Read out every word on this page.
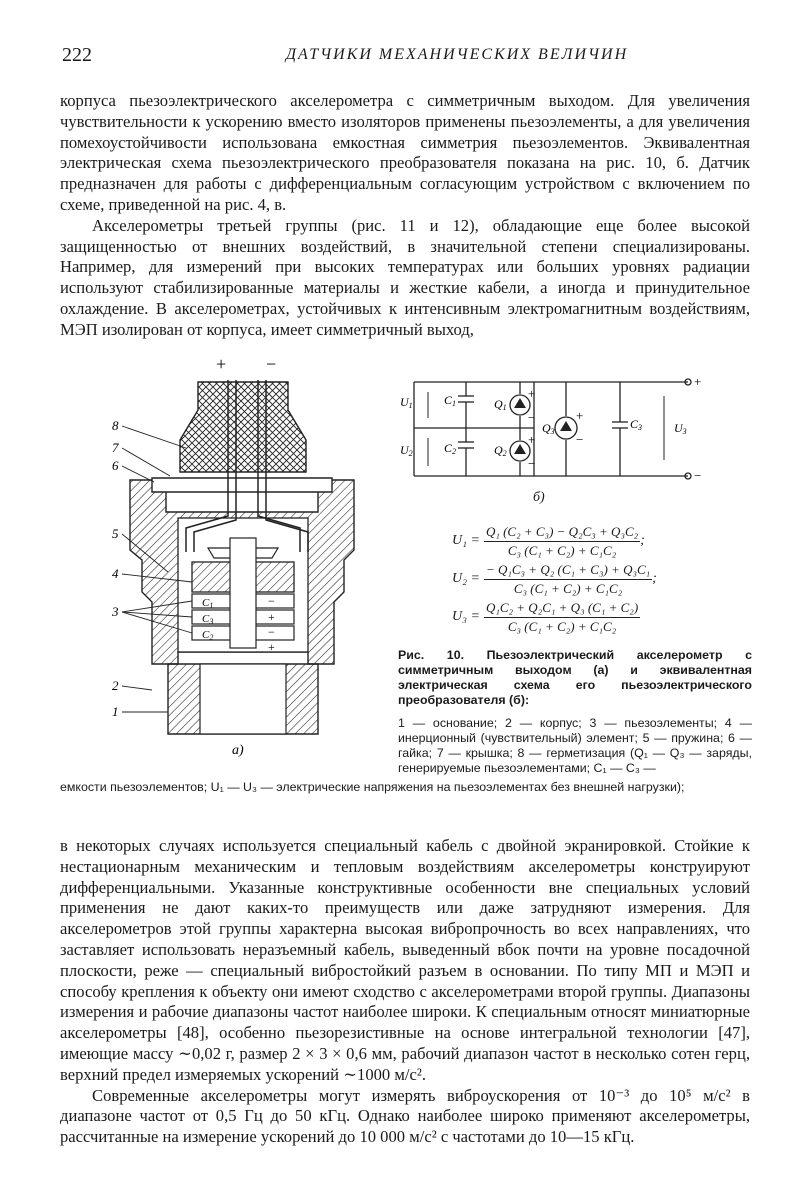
222	ДАТЧИКИ МЕХАНИЧЕСКИХ ВЕЛИЧИН

корпуса пьезоэлектрического акселерометра с симметричным выходом. Для увеличения чувствительности к ускорению вместо изоляторов применены пьезоэлементы, а для увеличения помехоустойчивости использована емкостная симметрия пьезоэлементов. Эквивалентная электрическая схема пьезоэлектрического преобразователя показана на рис. 10, б. Датчик предназначен для работы с дифференциальным согласующим устройством с включением по схеме, приведенной на рис. 4, в.

Акселерометры третьей группы (рис. 11 и 12), обладающие еще более высокой защищенностью от внешних воздействий, в значительной степени специализированы. Например, для измерений при высоких температурах или больших уровнях радиации используют стабилизированные материалы и жесткие кабели, а иногда и принудительное охлаждение. В акселерометрах, устойчивых к интенсивным электромагнитным воздействиям, МЭП изолирован от корпуса, имеет симметричный выход,

+ −
C1
C3
C2
−
+
−
+
8
7
6
5
4
3
2
1
а)
U1
U2
C1
C2
Q1
Q2
Q3
C3	U3
+
−
+
−
+
−
+
−
б)
$U_1 = \frac{\text{Q₁ (C₂ + C₃) − Q₂C₃ + Q₃C₂}}{\text{C₃ (C₁ + C₂) + C₁C₂}}$ ;
$U_2 = \frac{\text{− Q₁C₃ + Q₂ (C₁ + C₃) + Q₃C₁}}{\text{C₃ (C₁ + C₂) + C₁C₂}}$ ;
$U_3 = \frac{\text{Q₁C₂ + Q₂C₁ + Q₃ (C₁ + C₂)}}{\text{C₃ (C₁ + C₂) + C₁C₂}}$
Рис. 10. Пьезоэлектрический акселерометр с симметричным выходом (а) и эквивалентная электрическая схема его пьезоэлектрического преобразователя (б):
1 — основание; 2 — корпус; 3 — пьезоэлементы; 4 — инерционный (чувствительный) элемент; 5 — пружина; 6 — гайка; 7 — крышка; 8 — герметизация (Q₁ — Q₃ — заряды, генерируемые пьезоэлементами; C₁ — C₃ —
емкости пьезоэлементов; U₁ — U₃ — электрические напряжения на пьезоэлементах без внешней нагрузки);

в некоторых случаях используется специальный кабель с двойной экранировкой. Стойкие к нестационарным механическим и тепловым воздействиям акселерометры конструируют дифференциальными. Указанные конструктивные особенности вне специальных условий применения не дают каких-то преимуществ или даже затрудняют измерения. Для акселерометров этой группы характерна высокая вибропрочность во всех направлениях, что заставляет использовать неразъемный кабель, выведенный вбок почти на уровне посадочной плоскости, реже — специальный вибростойкий разъем в основании. По типу МП и МЭП и способу крепления к объекту они имеют сходство с акселерометрами второй группы. Диапазоны измерения и рабочие диапазоны частот наиболее широки. К специальным относят миниатюрные акселерометры [48], особенно пьезорезистивные на основе интегральной технологии [47], имеющие массу ∼0,02 г, размер 2 × 3 × 0,6 мм, рабочий диапазон частот в несколько сотен герц, верхний предел измеряемых ускорений ∼1000 м/с².

Современные акселерометры могут измерять виброускорения от 10⁻³ до 10⁵ м/с² в диапазоне частот от 0,5 Гц до 50 кГц. Однако наиболее широко применяют акселерометры, рассчитанные на измерение ускорений до 10 000 м/с² с частотами до 10—15 кГц.
